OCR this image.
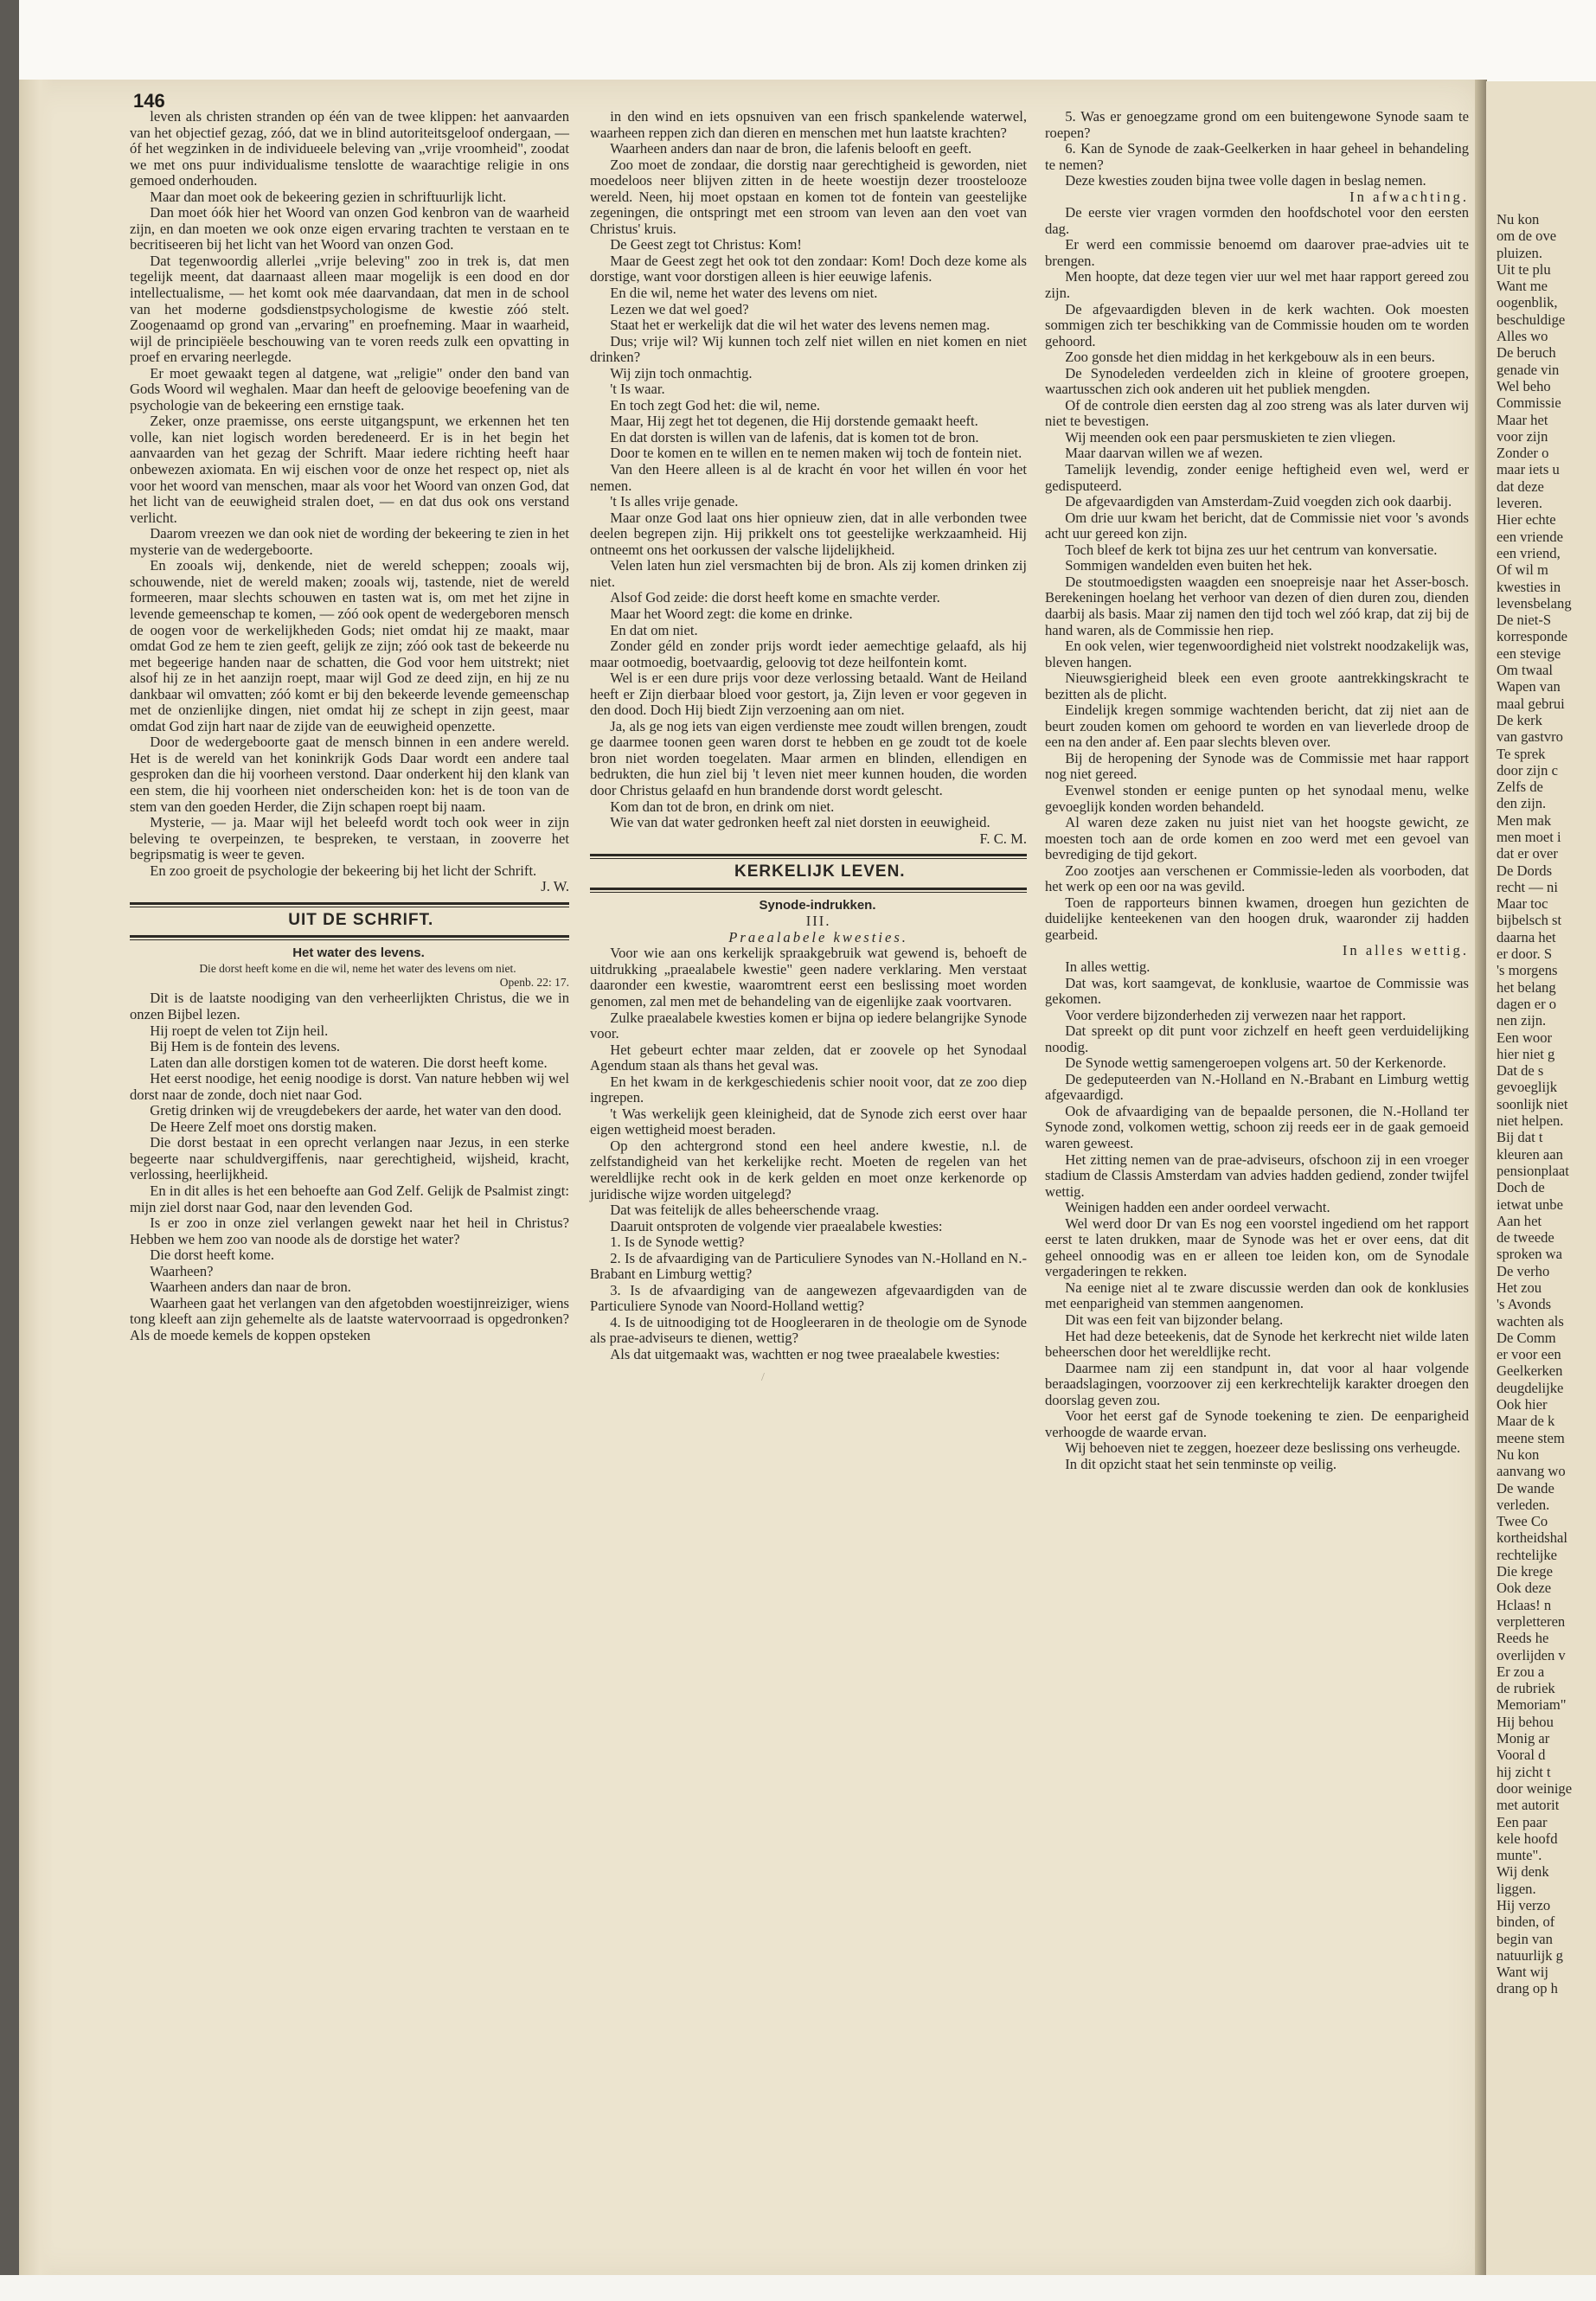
Nu kon
om de ove
pluizen.
Uit te plu
Want me
oogenblik,
beschuldige
Alles wo
De beruch
genade vin
Wel beho
Commissie
Maar het
voor zijn
Zonder o
maar iets u
dat deze
leveren.
Hier echte
een vriende
een vriend,
Of wil m
kwesties in
levensbelang
De niet-S
korresponde
een stevige
Om twaal
Wapen van
maal gebrui
De kerk
van gastvro
Te sprek
door zijn c
Zelfs de
den zijn.
Men mak
men moet i
dat er over
De Dords
recht — ni
Maar toc
bijbelsch st
daarna het
er door. S
's morgens
het belang
dagen er o
nen zijn.
Een woor
hier niet g
Dat de s
gevoeglijk
soonlijk niet
niet helpen.
Bij dat t
kleuren aan
pensionplaat
Doch de
ietwat unbe
Aan het
de tweede
sproken wa
De verho
Het zou
's Avonds
wachten als
De Comm
er voor een
Geelkerken
deugdelijke
Ook hier
Maar de k
meene stem
Nu kon
aanvang wo
De wande
verleden.
Twee Co
kortheidshal
rechtelijke
Die krege
Ook deze
Hclaas! n
verpletteren
Reeds he
overlijden v
Er zou a
de rubriek
Memoriam"
Hij behou
Monig ar
Vooral d
hij zicht t
door weinige
met autorit
Een paar
kele hoofd
munte".
Wij denk
liggen.
Hij verzo
binden, of
begin van
natuurlijk g
Want wij
drang op h
146

leven als christen stranden op één van de twee klippen: het aanvaarden van het objectief gezag, zóó, dat we in blind autoriteitsgeloof ondergaan, — óf het wegzinken in de individueele beleving van „vrije vroomheid", zoodat we met ons puur individualisme tenslotte de waarachtige religie in ons gemoed onderhouden.

Maar dan moet ook de bekeering gezien in schriftuurlijk licht.

Dan moet óók hier het Woord van onzen God kenbron van de waarheid zijn, en dan moeten we ook onze eigen ervaring trachten te verstaan en te becritiseeren bij het licht van het Woord van onzen God.

Dat tegenwoordig allerlei „vrije beleving" zoo in trek is, dat men tegelijk meent, dat daarnaast alleen maar mogelijk is een dood en dor intellectualisme, — het komt ook mée daarvandaan, dat men in de school van het moderne godsdienstpsychologisme de kwestie zóó stelt. Zoogenaamd op grond van „ervaring" en proefneming. Maar in waarheid, wijl de principiëele beschouwing van te voren reeds zulk een opvatting in proef en ervaring neerlegde.

Er moet gewaakt tegen al datgene, wat „religie" onder den band van Gods Woord wil weghalen. Maar dan heeft de geloovige beoefening van de psychologie van de bekeering een ernstige taak.

Zeker, onze praemisse, ons eerste uitgangspunt, we erkennen het ten volle, kan niet logisch worden beredeneerd. Er is in het begin het aanvaarden van het gezag der Schrift. Maar iedere richting heeft haar onbewezen axiomata. En wij eischen voor de onze het respect op, niet als voor het woord van menschen, maar als voor het Woord van onzen God, dat het licht van de eeuwigheid stralen doet, — en dat dus ook ons verstand verlicht.

Daarom vreezen we dan ook niet de wording der bekeering te zien in het mysterie van de wedergeboorte.

En zooals wij, denkende, niet de wereld scheppen; zooals wij, schouwende, niet de wereld maken; zooals wij, tastende, niet de wereld formeeren, maar slechts schouwen en tasten wat is, om met het zijne in levende gemeenschap te komen, — zóó ook opent de wedergeboren mensch de oogen voor de werkelijkheden Gods; niet omdat hij ze maakt, maar omdat God ze hem te zien geeft, gelijk ze zijn; zóó ook tast de bekeerde nu met begeerige handen naar de schatten, die God voor hem uitstrekt; niet alsof hij ze in het aanzijn roept, maar wijl God ze deed zijn, en hij ze nu dankbaar wil omvatten; zóó komt er bij den bekeerde levende gemeenschap met de onzienlijke dingen, niet omdat hij ze schept in zijn geest, maar omdat God zijn hart naar de zijde van de eeuwigheid openzette.

Door de wedergeboorte gaat de mensch binnen in een andere wereld. Het is de wereld van het koninkrijk Gods Daar wordt een andere taal gesproken dan die hij voorheen verstond. Daar onderkent hij den klank van een stem, die hij voorheen niet onderscheiden kon: het is de toon van de stem van den goeden Herder, die Zijn schapen roept bij naam.

Mysterie, — ja. Maar wijl het beleefd wordt toch ook weer in zijn beleving te overpeinzen, te bespreken, te verstaan, in zooverre het begripsmatig is weer te geven.

En zoo groeit de psychologie der bekeering bij het licht der Schrift.

J. W.

UIT DE SCHRIFT.

Het water des levens.

Die dorst heeft kome en die wil, neme het water des levens om niet.

Openb. 22: 17.

Dit is de laatste noodiging van den verheerlijkten Christus, die we in onzen Bijbel lezen.

Hij roept de velen tot Zijn heil.

Bij Hem is de fontein des levens.

Laten dan alle dorstigen komen tot de wateren. Die dorst heeft kome.

Het eerst noodige, het eenig noodige is dorst. Van nature hebben wij wel dorst naar de zonde, doch niet naar God.

Gretig drinken wij de vreugdebekers der aarde, het water van den dood.

De Heere Zelf moet ons dorstig maken.

Die dorst bestaat in een oprecht verlangen naar Jezus, in een sterke begeerte naar schuldvergiffenis, naar gerechtigheid, wijsheid, kracht, verlossing, heerlijkheid.

En in dit alles is het een behoefte aan God Zelf. Gelijk de Psalmist zingt: mijn ziel dorst naar God, naar den levenden God.

Is er zoo in onze ziel verlangen gewekt naar het heil in Christus? Hebben we hem zoo van noode als de dorstige het water?

Die dorst heeft kome.

Waarheen?

Waarheen anders dan naar de bron.

Waarheen gaat het verlangen van den afgetobden woestijnreiziger, wiens tong kleeft aan zijn gehemelte als de laatste watervoorraad is opgedronken? Als de moede kemels de koppen opsteken

in den wind en iets opsnuiven van een frisch spankelende waterwel, waarheen reppen zich dan dieren en menschen met hun laatste krachten?

Waarheen anders dan naar de bron, die lafenis belooft en geeft.

Zoo moet de zondaar, die dorstig naar gerechtigheid is geworden, niet moedeloos neer blijven zitten in de heete woestijn dezer troostelooze wereld. Neen, hij moet opstaan en komen tot de fontein van geestelijke zegeningen, die ontspringt met een stroom van leven aan den voet van Christus' kruis.

De Geest zegt tot Christus: Kom!

Maar de Geest zegt het ook tot den zondaar: Kom! Doch deze kome als dorstige, want voor dorstigen alleen is hier eeuwige lafenis.

En die wil, neme het water des levens om niet.

Lezen we dat wel goed?

Staat het er werkelijk dat die wil het water des levens nemen mag.

Dus; vrije wil? Wij kunnen toch zelf niet willen en niet komen en niet drinken?

Wij zijn toch onmachtig.

't Is waar.

En toch zegt God het: die wil, neme.

Maar, Hij zegt het tot degenen, die Hij dorstende gemaakt heeft.

En dat dorsten is willen van de lafenis, dat is komen tot de bron.

Door te komen en te willen en te nemen maken wij toch de fontein niet.

Van den Heere alleen is al de kracht én voor het willen én voor het nemen.

't Is alles vrije genade.

Maar onze God laat ons hier opnieuw zien, dat in alle verbonden twee deelen begrepen zijn. Hij prikkelt ons tot geestelijke werkzaamheid. Hij ontneemt ons het oorkussen der valsche lijdelijkheid.

Velen laten hun ziel versmachten bij de bron. Als zij komen drinken zij niet.

Alsof God zeide: die dorst heeft kome en smachte verder.

Maar het Woord zegt: die kome en drinke.

En dat om niet.

Zonder géld en zonder prijs wordt ieder aemechtige gelaafd, als hij maar ootmoedig, boetvaardig, geloovig tot deze heilfontein komt.

Wel is er een dure prijs voor deze verlossing betaald. Want de Heiland heeft er Zijn dierbaar bloed voor gestort, ja, Zijn leven er voor gegeven in den dood. Doch Hij biedt Zijn verzoening aan om niet.

Ja, als ge nog iets van eigen verdienste mee zoudt willen brengen, zoudt ge daarmee toonen geen waren dorst te hebben en ge zoudt tot de koele bron niet worden toegelaten. Maar armen en blinden, ellendigen en bedrukten, die hun ziel bij 't leven niet meer kunnen houden, die worden door Christus gelaafd en hun brandende dorst wordt gelescht.

Kom dan tot de bron, en drink om niet.

Wie van dat water gedronken heeft zal niet dorsten in eeuwigheid.

F. C. M.

KERKELIJK LEVEN.

Synode-indrukken.

III.

Praealabele kwesties.

Voor wie aan ons kerkelijk spraakgebruik wat gewend is, behoeft de uitdrukking „praealabele kwestie" geen nadere verklaring. Men verstaat daaronder een kwestie, waaromtrent eerst een beslissing moet worden genomen, zal men met de behandeling van de eigenlijke zaak voortvaren.

Zulke praealabele kwesties komen er bijna op iedere belangrijke Synode voor.

Het gebeurt echter maar zelden, dat er zoovele op het Synodaal Agendum staan als thans het geval was.

En het kwam in de kerkgeschiedenis schier nooit voor, dat ze zoo diep ingrepen.

't Was werkelijk geen kleinigheid, dat de Synode zich eerst over haar eigen wettigheid moest beraden.

Op den achtergrond stond een heel andere kwestie, n.l. de zelfstandigheid van het kerkelijke recht. Moeten de regelen van het wereldlijke recht ook in de kerk gelden en moet onze kerkenorde op juridische wijze worden uitgelegd?

Dat was feitelijk de alles beheerschende vraag.

Daaruit ontsproten de volgende vier praealabele kwesties:

1. Is de Synode wettig?

2. Is de afvaardiging van de Particuliere Synodes van N.-Holland en N.-Brabant en Limburg wettig?

3. Is de afvaardiging van de aangewezen afgevaardigden van de Particuliere Synode van Noord-Holland wettig?

4. Is de uitnoodiging tot de Hoogleeraren in de theologie om de Synode als prae-adviseurs te dienen, wettig?

Als dat uitgemaakt was, wachtten er nog twee praealabele kwesties:

5. Was er genoegzame grond om een buitengewone Synode saam te roepen?

6. Kan de Synode de zaak-Geelkerken in haar geheel in behandeling te nemen?

Deze kwesties zouden bijna twee volle dagen in beslag nemen.

In afwachting.

De eerste vier vragen vormden den hoofdschotel voor den eersten dag.

Er werd een commissie benoemd om daarover prae-advies uit te brengen.

Men hoopte, dat deze tegen vier uur wel met haar rapport gereed zou zijn.

De afgevaardigden bleven in de kerk wachten. Ook moesten sommigen zich ter beschikking van de Commissie houden om te worden gehoord.

Zoo gonsde het dien middag in het kerkgebouw als in een beurs.

De Synodeleden verdeelden zich in kleine of grootere groepen, waartusschen zich ook anderen uit het publiek mengden.

Of de controle dien eersten dag al zoo streng was als later durven wij niet te bevestigen.

Wij meenden ook een paar persmuskieten te zien vliegen.

Maar daarvan willen we af wezen.

Tamelijk levendig, zonder eenige heftigheid even wel, werd er gedisputeerd.

De afgevaardigden van Amsterdam-Zuid voegden zich ook daarbij.

Om drie uur kwam het bericht, dat de Commissie niet voor 's avonds acht uur gereed kon zijn.

Toch bleef de kerk tot bijna zes uur het centrum van konversatie.

Sommigen wandelden even buiten het hek.

De stoutmoedigsten waagden een snoepreisje naar het Asser-bosch. Berekeningen hoelang het verhoor van dezen of dien duren zou, dienden daarbij als basis. Maar zij namen den tijd toch wel zóó krap, dat zij bij de hand waren, als de Commissie hen riep.

En ook velen, wier tegenwoordigheid niet volstrekt noodzakelijk was, bleven hangen.

Nieuwsgierigheid bleek een even groote aantrekkingskracht te bezitten als de plicht.

Eindelijk kregen sommige wachtenden bericht, dat zij niet aan de beurt zouden komen om gehoord te worden en van lieverlede droop de een na den ander af. Een paar slechts bleven over.

Bij de heropening der Synode was de Commissie met haar rapport nog niet gereed.

Evenwel stonden er eenige punten op het synodaal menu, welke gevoeglijk konden worden behandeld.

Al waren deze zaken nu juist niet van het hoogste gewicht, ze moesten toch aan de orde komen en zoo werd met een gevoel van bevrediging de tijd gekort.

Zoo zootjes aan verschenen er Commissie-leden als voorboden, dat het werk op een oor na was gevild.

Toen de rapporteurs binnen kwamen, droegen hun gezichten de duidelijke kenteekenen van den hoogen druk, waaronder zij hadden gearbeid.

In alles wettig.

In alles wettig.

Dat was, kort saamgevat, de konklusie, waartoe de Commissie was gekomen.

Voor verdere bijzonderheden zij verwezen naar het rapport.

Dat spreekt op dit punt voor zichzelf en heeft geen verduidelijking noodig.

De Synode wettig samengeroepen volgens art. 50 der Kerkenorde.

De gedeputeerden van N.-Holland en N.-Brabant en Limburg wettig afgevaardigd.

Ook de afvaardiging van de bepaalde personen, die N.-Holland ter Synode zond, volkomen wettig, schoon zij reeds eer in de gaak gemoeid waren geweest.

Het zitting nemen van de prae-adviseurs, ofschoon zij in een vroeger stadium de Classis Amsterdam van advies hadden gediend, zonder twijfel wettig.

Weinigen hadden een ander oordeel verwacht.

Wel werd door Dr van Es nog een voorstel ingediend om het rapport eerst te laten drukken, maar de Synode was het er over eens, dat dit geheel onnoodig was en er alleen toe leiden kon, om de Synodale vergaderingen te rekken.

Na eenige niet al te zware discussie werden dan ook de konklusies met eenparigheid van stemmen aangenomen.

Dit was een feit van bijzonder belang.

Het had deze beteekenis, dat de Synode het kerkrecht niet wilde laten beheerschen door het wereldlijke recht.

Daarmee nam zij een standpunt in, dat voor al haar volgende beraadslagingen, voorzoover zij een kerkrechtelijk karakter droegen den doorslag geven zou.

Voor het eerst gaf de Synode toekening te zien. De eenparigheid verhoogde de waarde ervan.

Wij behoeven niet te zeggen, hoezeer deze beslissing ons verheugde.

In dit opzicht staat het sein tenminste op veilig.

/
